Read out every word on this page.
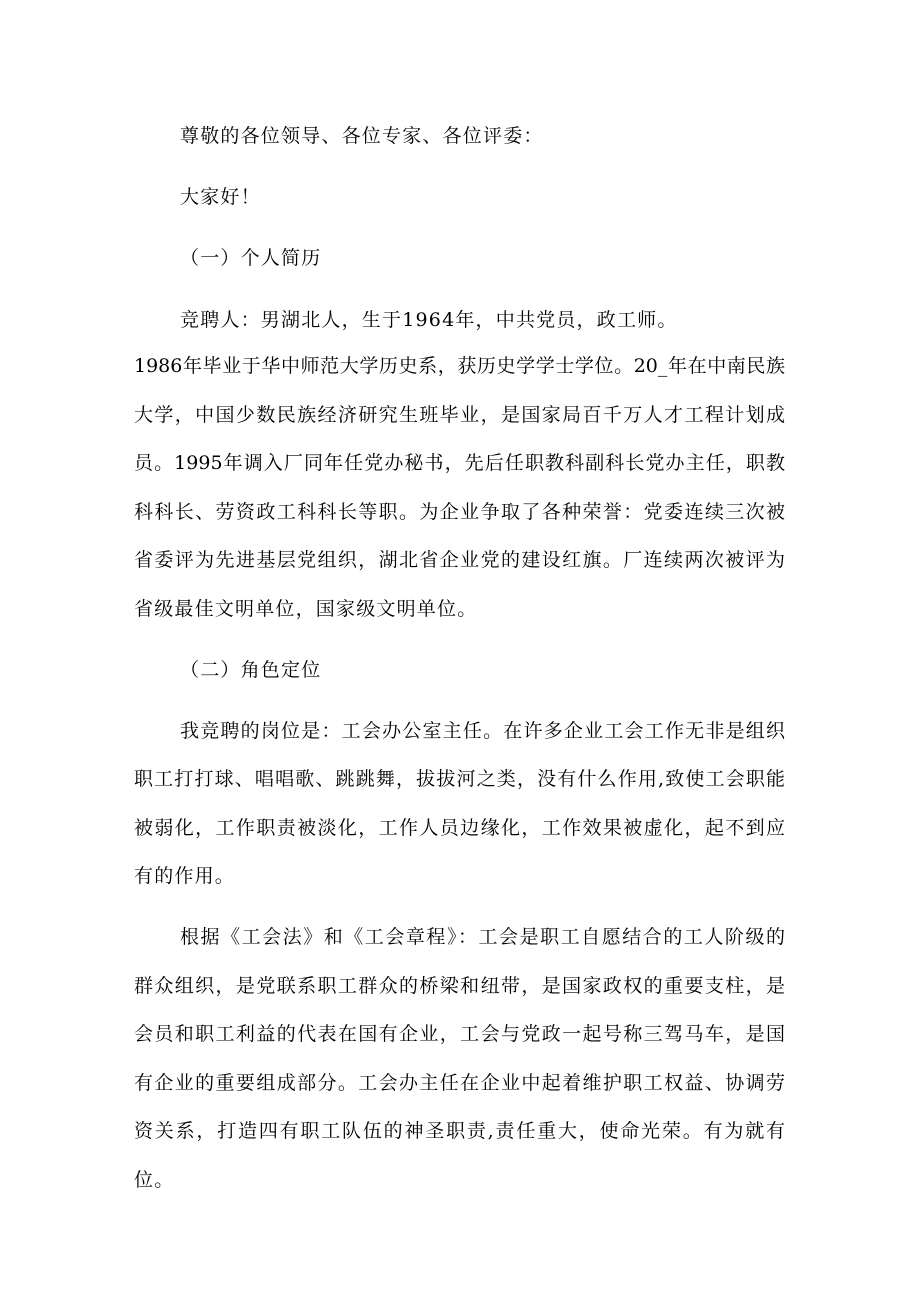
尊敬的各位领导、各位专家、各位评委：
大家好！
（一）个人简历
竞聘人：男湖北人，生于1964年，中共党员，政工师。
1986年毕业于华中师范大学历史系，获历史学学士学位。20_年在中南民族
大学，中国少数民族经济研究生班毕业，是国家局百千万人才工程计划成
员。1995年调入厂同年任党办秘书，先后任职教科副科长党办主任，职教
科科长、劳资政工科科长等职。为企业争取了各种荣誉：党委连续三次被
省委评为先进基层党组织，湖北省企业党的建设红旗。厂连续两次被评为
省级最佳文明单位，国家级文明单位。
（二）角色定位
我竞聘的岗位是：工会办公室主任。在许多企业工会工作无非是组织
职工打打球、唱唱歌、跳跳舞，拔拔河之类，没有什么作用,致使工会职能
被弱化，工作职责被淡化，工作人员边缘化，工作效果被虚化，起不到应
有的作用。
根据《工会法》和《工会章程》：工会是职工自愿结合的工人阶级的
群众组织，是党联系职工群众的桥梁和纽带，是国家政权的重要支柱，是
会员和职工利益的代表在国有企业，工会与党政一起号称三驾马车，是国
有企业的重要组成部分。工会办主任在企业中起着维护职工权益、协调劳
资关系，打造四有职工队伍的神圣职责,责任重大，使命光荣。有为就有
位。
